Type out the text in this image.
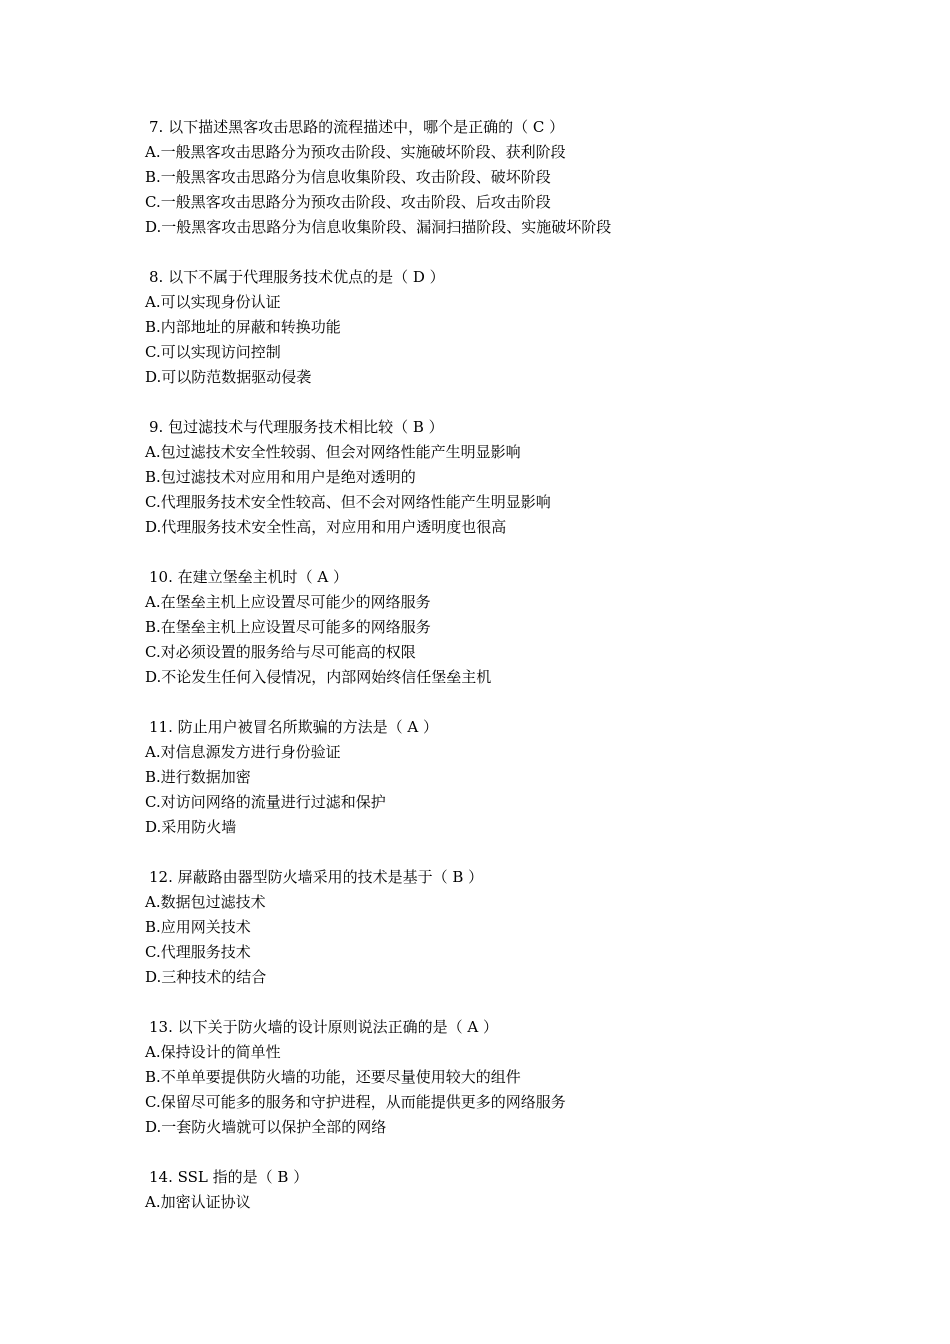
7. 以下描述黑客攻击思路的流程描述中，哪个是正确的（ C ）
A.一般黑客攻击思路分为预攻击阶段、实施破坏阶段、获利阶段
B.一般黑客攻击思路分为信息收集阶段、攻击阶段、破坏阶段
C.一般黑客攻击思路分为预攻击阶段、攻击阶段、后攻击阶段
D.一般黑客攻击思路分为信息收集阶段、漏洞扫描阶段、实施破坏阶段
8. 以下不属于代理服务技术优点的是（ D ）
A.可以实现身份认证
B.内部地址的屏蔽和转换功能
C.可以实现访问控制
D.可以防范数据驱动侵袭
9. 包过滤技术与代理服务技术相比较（ B ）
A.包过滤技术安全性较弱、但会对网络性能产生明显影响
B.包过滤技术对应用和用户是绝对透明的
C.代理服务技术安全性较高、但不会对网络性能产生明显影响
D.代理服务技术安全性高，对应用和用户透明度也很高
10. 在建立堡垒主机时（ A ）
A.在堡垒主机上应设置尽可能少的网络服务
B.在堡垒主机上应设置尽可能多的网络服务
C.对必须设置的服务给与尽可能高的权限
D.不论发生任何入侵情况，内部网始终信任堡垒主机
11. 防止用户被冒名所欺骗的方法是（ A ）
A.对信息源发方进行身份验证
B.进行数据加密
C.对访问网络的流量进行过滤和保护
D.采用防火墙
12. 屏蔽路由器型防火墙采用的技术是基于（ B ）
A.数据包过滤技术
B.应用网关技术
C.代理服务技术
D.三种技术的结合
13. 以下关于防火墙的设计原则说法正确的是（ A ）
A.保持设计的简单性
B.不单单要提供防火墙的功能，还要尽量使用较大的组件
C.保留尽可能多的服务和守护进程，从而能提供更多的网络服务
D.一套防火墙就可以保护全部的网络
14. SSL 指的是（ B ）
A.加密认证协议
